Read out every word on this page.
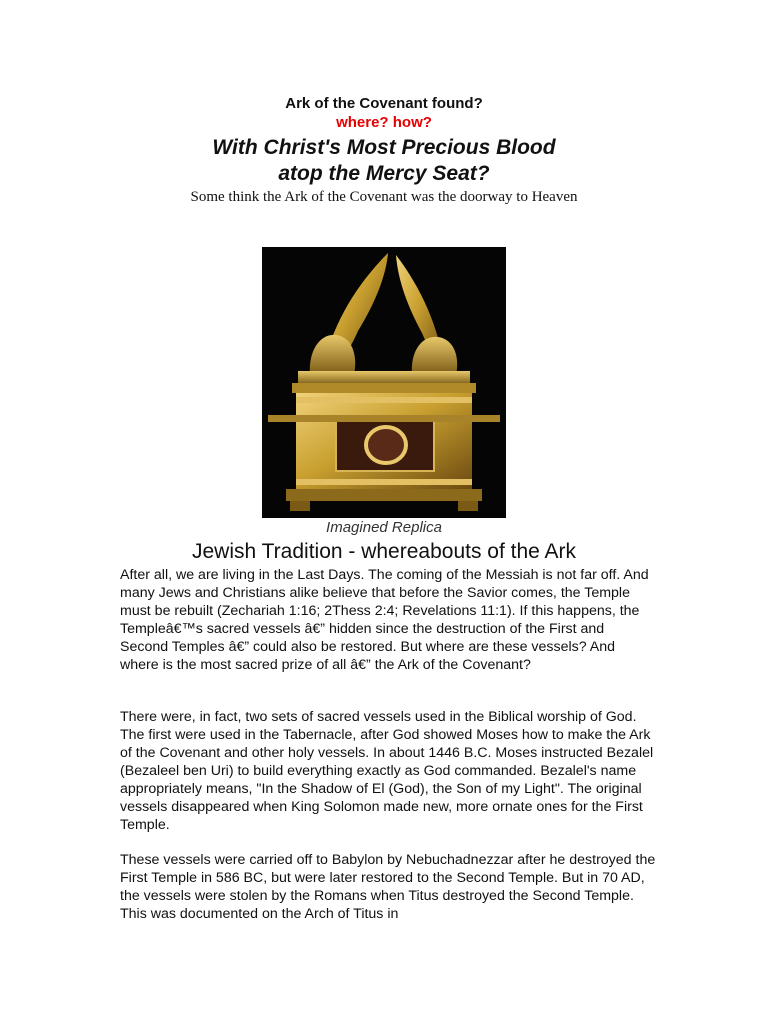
Ark of the Covenant found?
where? how?
With Christ's Most Precious Blood
atop the Mercy Seat?
Some think the Ark of the Covenant was the doorway to Heaven
Imagined Replica
Jewish Tradition - whereabouts of the Ark

After all, we are living in the Last Days. The coming of the Messiah is not far off. And many Jews and Christians alike believe that before the Savior comes, the Temple must be rebuilt (Zechariah 1:16; 2Thess 2:4; Revelations 11:1). If this happens, the Templeâ€™s sacred vessels â€” hidden since the destruction of the First and Second Temples â€” could also be restored. But where are these vessels? And where is the most sacred prize of all â€” the Ark of the Covenant?

There were, in fact, two sets of sacred vessels used in the Biblical worship of God. The first were used in the Tabernacle, after God showed Moses how to make the Ark of the Covenant and other holy vessels. In about 1446 B.C. Moses instructed Bezalel (Bezaleel ben Uri) to build everything exactly as God commanded. Bezalel's name appropriately means, "In the Shadow of El (God), the Son of my Light". The original vessels disappeared when King Solomon made new, more ornate ones for the First Temple.

These vessels were carried off to Babylon by Nebuchadnezzar after he destroyed the First Temple in 586 BC, but were later restored to the Second Temple. But in 70 AD, the vessels were stolen by the Romans when Titus destroyed the Second Temple. This was documented on the Arch of Titus in
